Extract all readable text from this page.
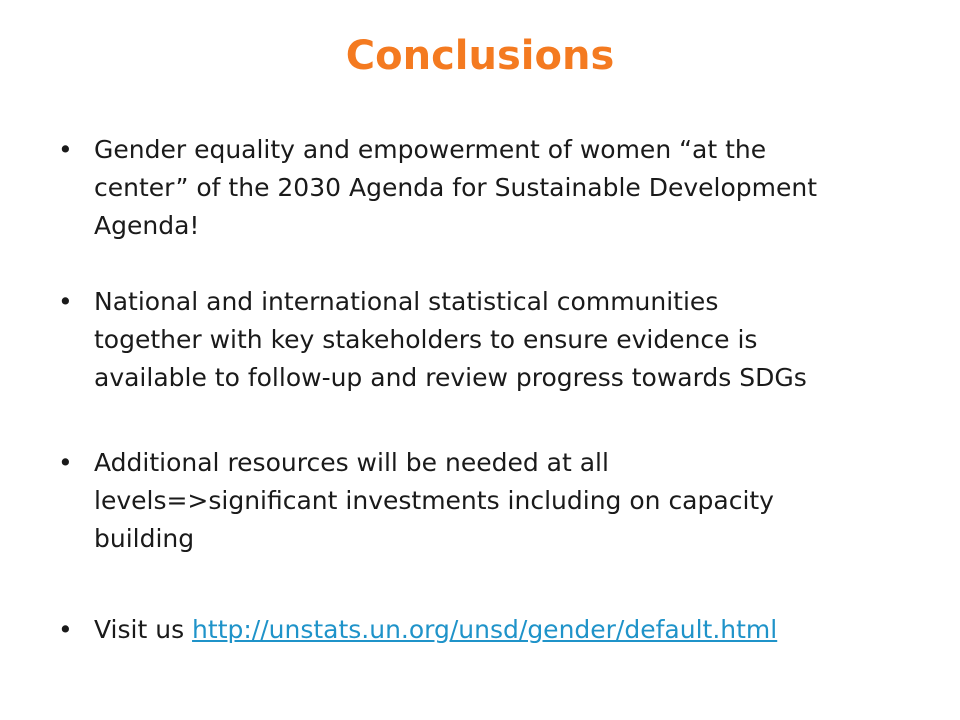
Conclusions
• Gender equality and empowerment of women “at the
center” of the 2030 Agenda for Sustainable Development
Agenda!
• National and international statistical communities
together with key stakeholders to ensure evidence is
available to follow-up and review progress towards SDGs
• Additional resources will be needed at all
levels=>significant investments including on capacity
building
• Visit us http://unstats.un.org/unsd/gender/default.html
